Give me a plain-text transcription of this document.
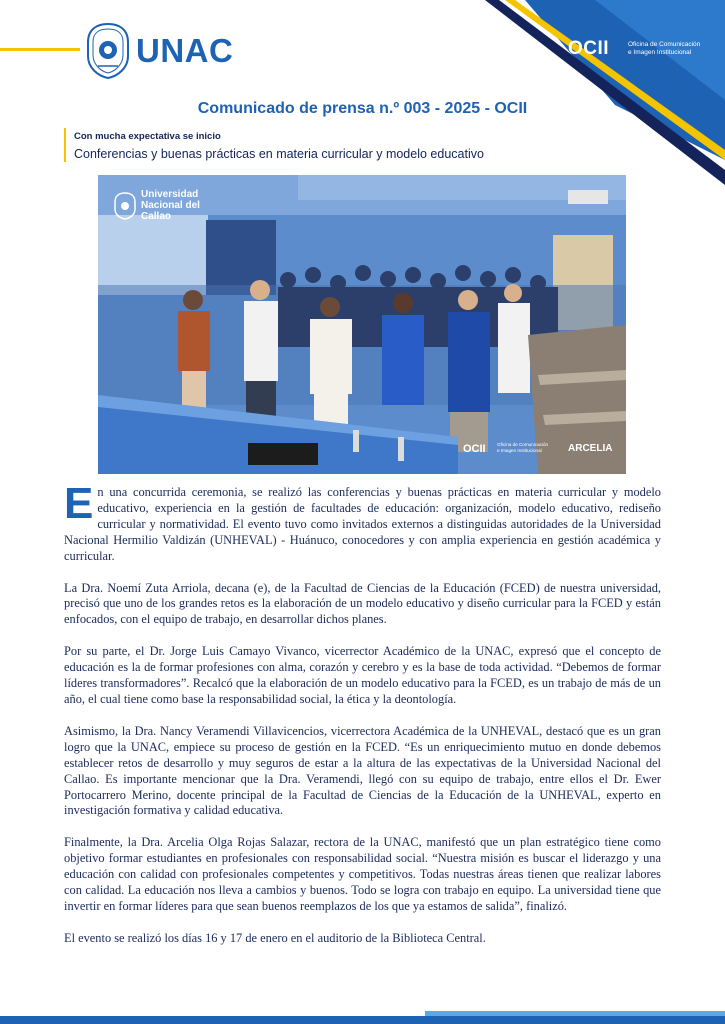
UNAC	OCII	Oficina de Comunicación
e Imagen Institucional
Comunicado de prensa n.º 003 - 2025 - OCII
Con mucha expectativa se inicio
Conferencias y buenas prácticas en materia curricular y modelo educativo
Universidad
Nacional del
Callao
OCII Oficina de Comunicación
e Imagen Institucional	ARCELIA

En una concurrida ceremonia, se realizó las conferencias y buenas prácticas en materia curricular y modelo educativo, experiencia en la gestión de facultades de educación: organización, modelo educativo, rediseño curricular y normatividad. El evento tuvo como invitados externos a distinguidas autoridades de la Universidad Nacional Hermilio Valdizán (UNHEVAL) - Huánuco, conocedores y con amplia experiencia en gestión académica y curricular.

La Dra. Noemí Zuta Arriola, decana (e), de la Facultad de Ciencias de la Educación (FCED) de nuestra universidad, precisó que uno de los grandes retos es la elaboración de un modelo educativo y diseño curricular para la FCED y están enfocados, con el equipo de trabajo, en desarrollar dichos planes.

Por su parte, el Dr. Jorge Luis Camayo Vivanco, vicerrector Académico de la UNAC, expresó que el concepto de educación es la de formar profesiones con alma, corazón y cerebro y es la base de toda actividad. “Debemos de formar líderes transformadores”. Recalcó que la elaboración de un modelo educativo para la FCED, es un trabajo de más de un año, el cual tiene como base la responsabilidad social, la ética y la deontología.

Asimismo, la Dra. Nancy Veramendi Villavicencios, vicerrectora Académica de la UNHEVAL, destacó que es un gran logro que la UNAC, empiece su proceso de gestión en la FCED. “Es un enriquecimiento mutuo en donde debemos establecer retos de desarrollo y muy seguros de estar a la altura de las expectativas de la Universidad Nacional del Callao. Es importante mencionar que la Dra. Veramendi, llegó con su equipo de trabajo, entre ellos el Dr. Ewer Portocarrero Merino, docente principal de la Facultad de Ciencias de la Educación de la UNHEVAL, experto en investigación formativa y calidad educativa.

Finalmente, la Dra. Arcelia Olga Rojas Salazar, rectora de la UNAC, manifestó que un plan estratégico tiene como objetivo formar estudiantes en profesionales con responsabilidad social. “Nuestra misión es buscar el liderazgo y una educación con calidad con profesionales competentes y competitivos. Todas nuestras áreas tienen que realizar labores con calidad. La educación nos lleva a cambios y buenos. Todo se logra con trabajo en equipo. La universidad tiene que invertir en formar líderes para que sean buenos reemplazos de los que ya estamos de salida”, finalizó.

El evento se realizó los días 16 y 17 de enero en el auditorio de la Biblioteca Central.
